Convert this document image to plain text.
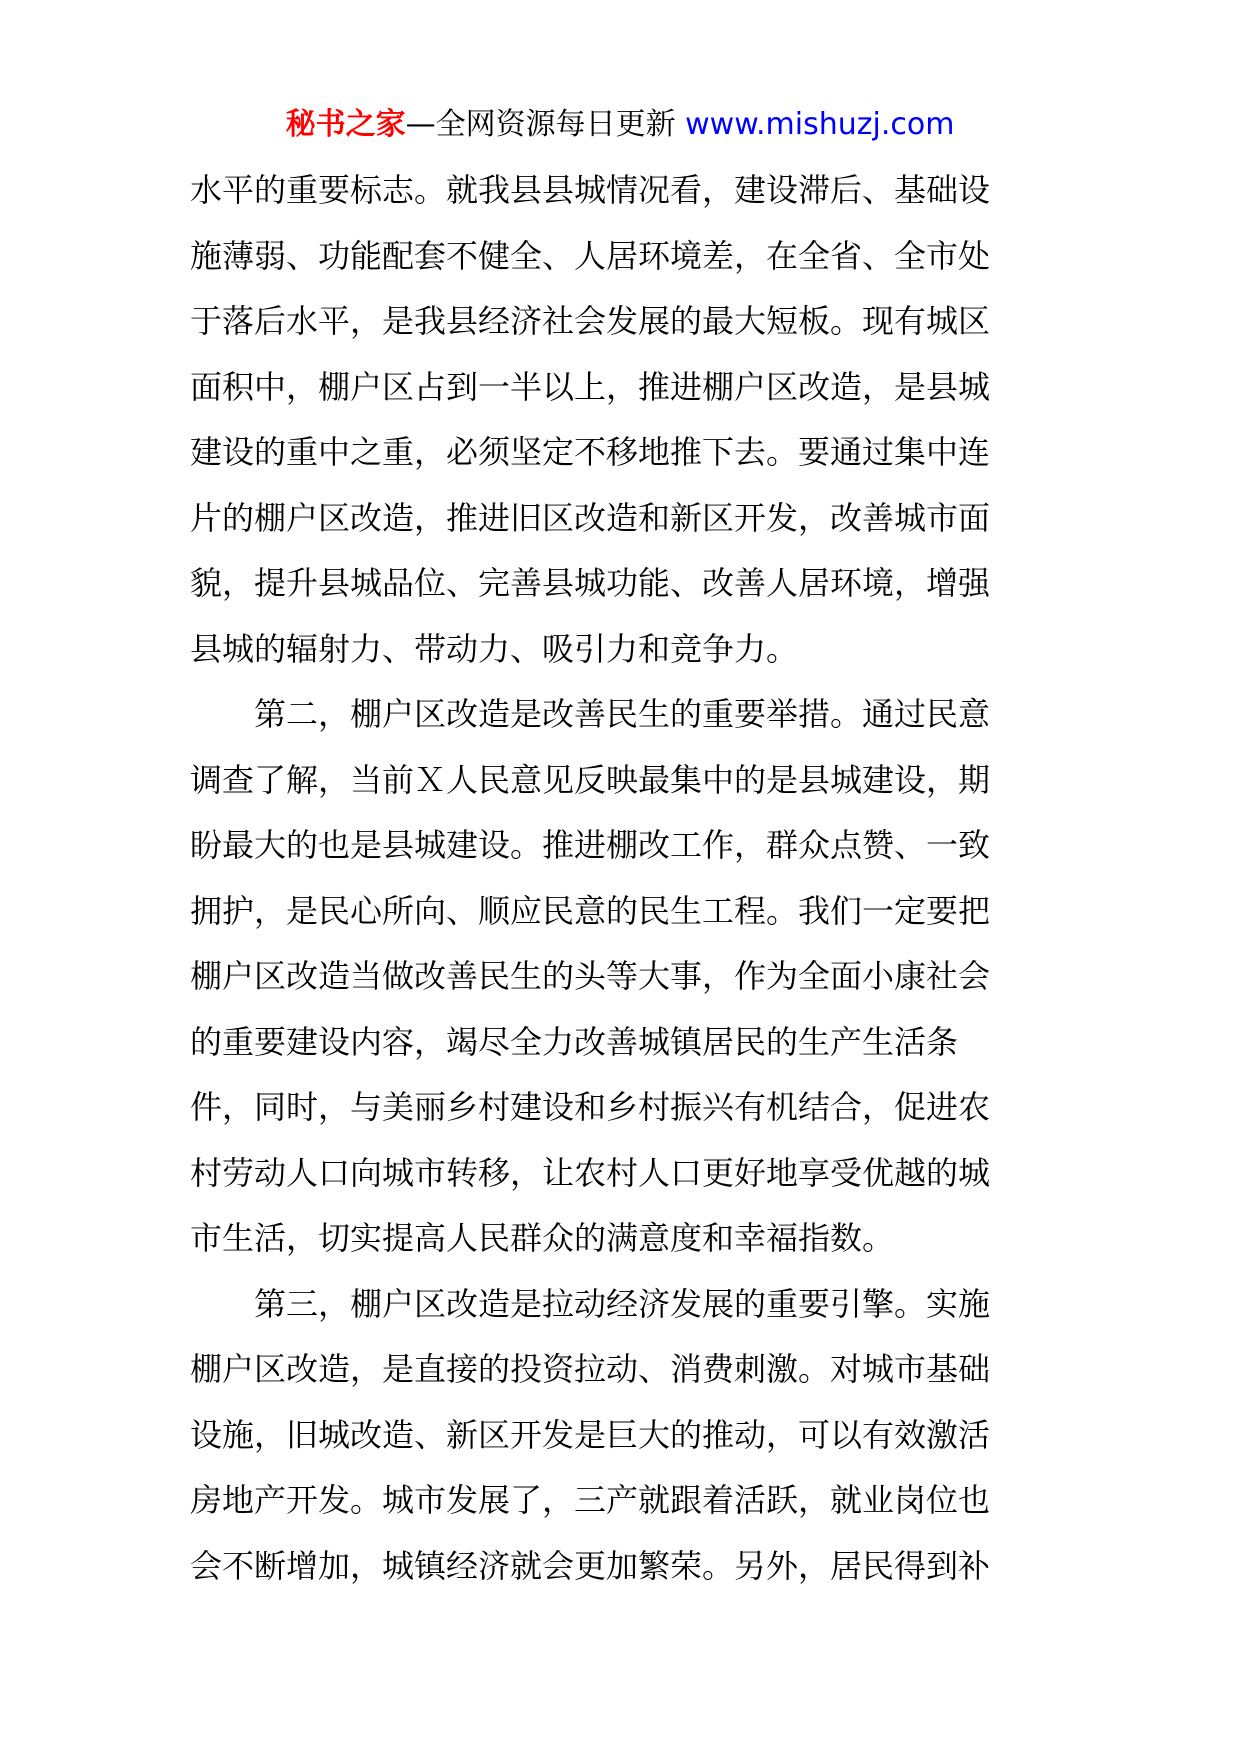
秘书之家—全网资源每日更新 www.mishuzj.com
水平的重要标志。就我县县城情况看，建设滞后、基础设
施薄弱、功能配套不健全、人居环境差，在全省、全市处
于落后水平，是我县经济社会发展的最大短板。现有城区
面积中，棚户区占到一半以上，推进棚户区改造，是县城
建设的重中之重，必须坚定不移地推下去。要通过集中连
片的棚户区改造，推进旧区改造和新区开发，改善城市面
貌，提升县城品位、完善县城功能、改善人居环境，增强
县城的辐射力、带动力、吸引力和竞争力。
　　第二，棚户区改造是改善民生的重要举措。通过民意
调查了解，当前Ｘ人民意见反映最集中的是县城建设，期
盼最大的也是县城建设。推进棚改工作，群众点赞、一致
拥护，是民心所向、顺应民意的民生工程。我们一定要把
棚户区改造当做改善民生的头等大事，作为全面小康社会
的重要建设内容，竭尽全力改善城镇居民的生产生活条
件，同时，与美丽乡村建设和乡村振兴有机结合，促进农
村劳动人口向城市转移，让农村人口更好地享受优越的城
市生活，切实提高人民群众的满意度和幸福指数。
　　第三，棚户区改造是拉动经济发展的重要引擎。实施
棚户区改造，是直接的投资拉动、消费刺激。对城市基础
设施，旧城改造、新区开发是巨大的推动，可以有效激活
房地产开发。城市发展了，三产就跟着活跃，就业岗位也
会不断增加，城镇经济就会更加繁荣。另外，居民得到补
